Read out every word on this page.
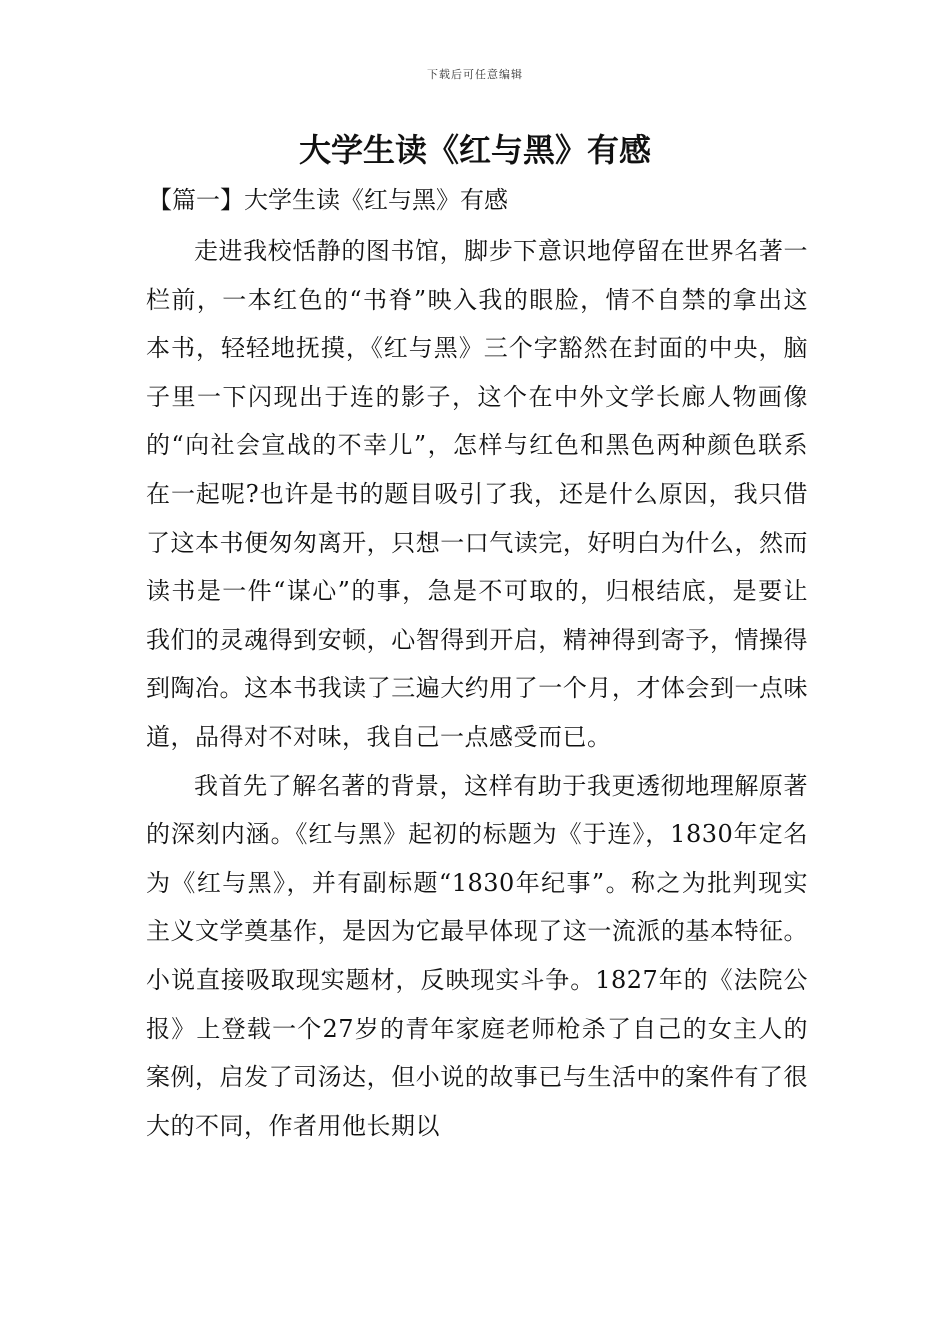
下载后可任意编辑
大学生读《红与黑》有感
【篇一】大学生读《红与黑》有感

走进我校恬静的图书馆，脚步下意识地停留在世界名著一栏前，一本红色的“书脊”映入我的眼脸，情不自禁的拿出这本书，轻轻地抚摸，《红与黑》三个字豁然在封面的中央，脑子里一下闪现出于连的影子，这个在中外文学长廊人物画像的“向社会宣战的不幸儿”，怎样与红色和黑色两种颜色联系在一起呢?也许是书的题目吸引了我，还是什么原因，我只借了这本书便匆匆离开，只想一口气读完，好明白为什么，然而读书是一件“谋心”的事，急是不可取的，归根结底，是要让我们的灵魂得到安顿，心智得到开启，精神得到寄予，情操得到陶冶。这本书我读了三遍大约用了一个月，才体会到一点味道，品得对不对味，我自己一点感受而已。

我首先了解名著的背景，这样有助于我更透彻地理解原著的深刻内涵。《红与黑》起初的标题为《于连》，1830年定名为《红与黑》，并有副标题“1830年纪事”。称之为批判现实主义文学奠基作，是因为它最早体现了这一流派的基本特征。小说直接吸取现实题材，反映现实斗争。1827年的《法院公报》上登载一个27岁的青年家庭老师枪杀了自己的女主人的案例，启发了司汤达，但小说的故事已与生活中的案件有了很大的不同，作者用他长期以
